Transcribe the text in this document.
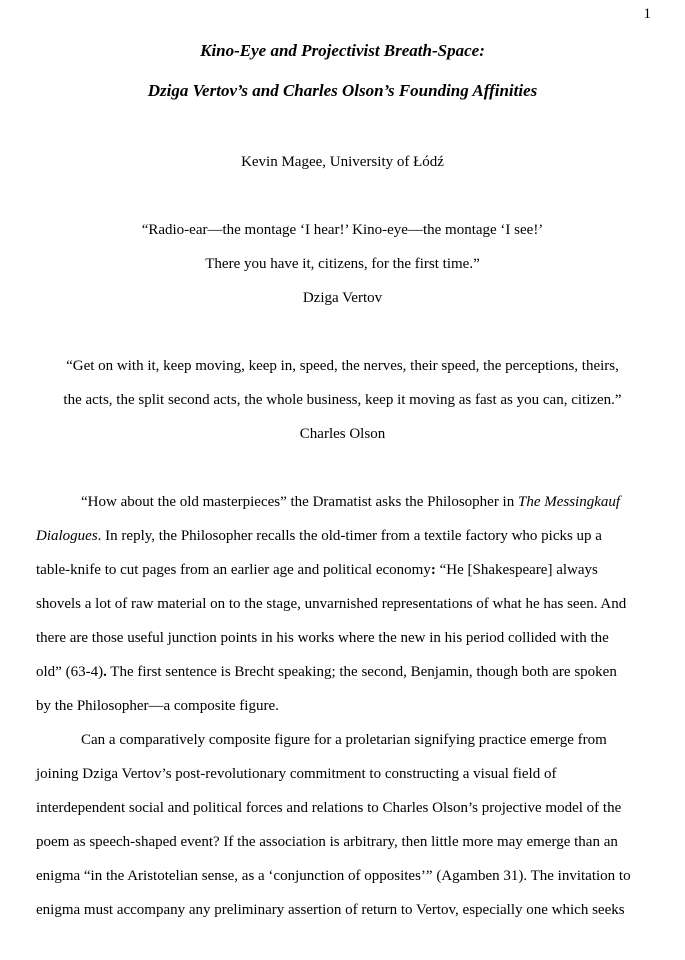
1
Kino-Eye and Projectivist Breath-Space:
Dziga Vertov’s and Charles Olson’s Founding Affinities
Kevin Magee, University of Łódź
“Radio-ear—the montage ‘I hear!’ Kino-eye—the montage ‘I see!’
There you have it, citizens, for the first time.”
Dziga Vertov
“Get on with it, keep moving, keep in, speed, the nerves, their speed, the perceptions, theirs,
the acts, the split second acts, the whole business, keep it moving as fast as you can, citizen.”
Charles Olson
“How about the old masterpieces” the Dramatist asks the Philosopher in The Messingkauf
Dialogues. In reply, the Philosopher recalls the old-timer from a textile factory who picks up a
table-knife to cut pages from an earlier age and political economy: “He [Shakespeare] always
shovels a lot of raw material on to the stage, unvarnished representations of what he has seen. And
there are those useful junction points in his works where the new in his period collided with the
old” (63-4). The first sentence is Brecht speaking; the second, Benjamin, though both are spoken
by the Philosopher—a composite figure.
Can a comparatively composite figure for a proletarian signifying practice emerge from
joining Dziga Vertov’s post-revolutionary commitment to constructing a visual field of
interdependent social and political forces and relations to Charles Olson’s projective model of the
poem as speech-shaped event? If the association is arbitrary, then little more may emerge than an
enigma “in the Aristotelian sense, as a ‘conjunction of opposites’” (Agamben 31). The invitation to
enigma must accompany any preliminary assertion of return to Vertov, especially one which seeks
